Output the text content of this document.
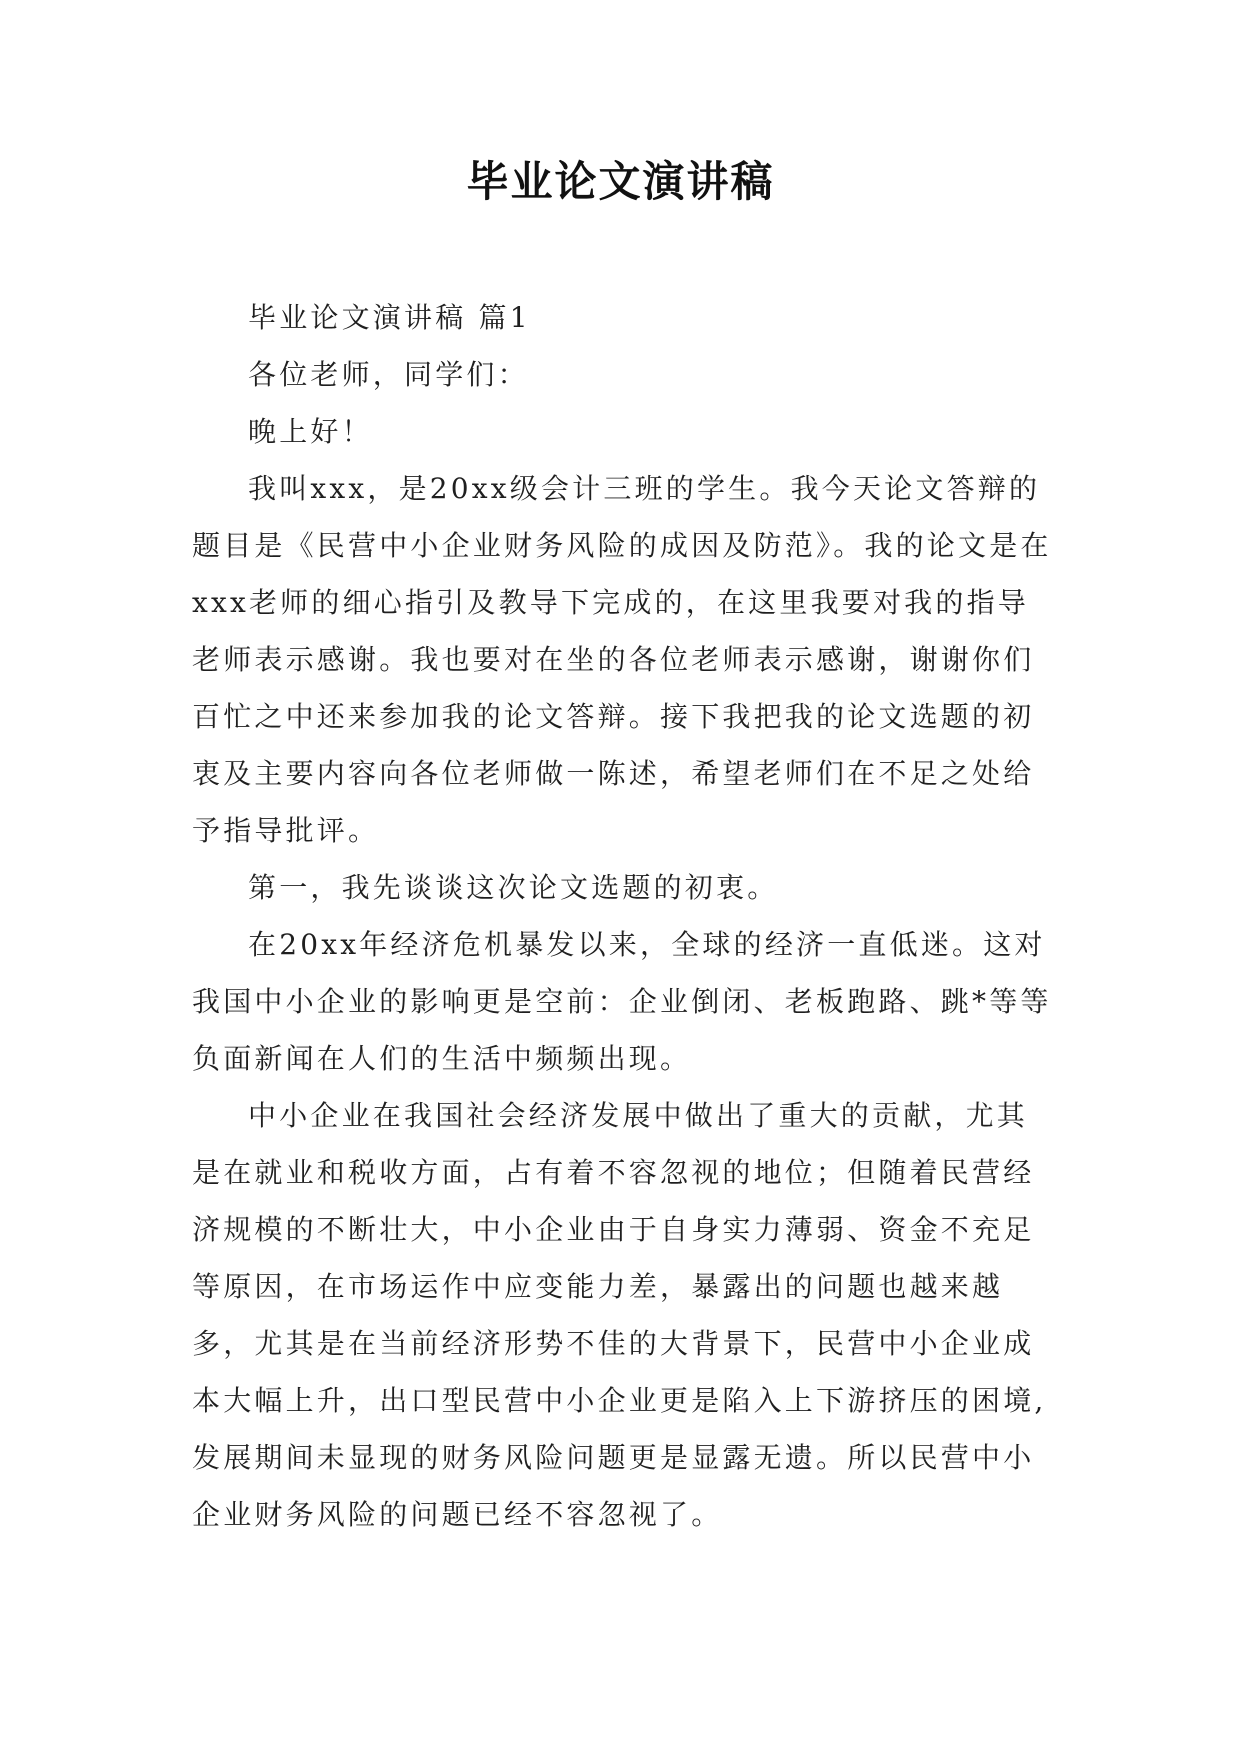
毕业论文演讲稿

毕业论文演讲稿 篇1

各位老师，同学们：

晚上好！

我叫xxx，是20xx级会计三班的学生。我今天论文答辩的题目是《民营中小企业财务风险的成因及防范》。我的论文是在xxx老师的细心指引及教导下完成的，在这里我要对我的指导老师表示感谢。我也要对在坐的各位老师表示感谢，谢谢你们百忙之中还来参加我的论文答辩。接下我把我的论文选题的初衷及主要内容向各位老师做一陈述，希望老师们在不足之处给予指导批评。

第一，我先谈谈这次论文选题的初衷。

在20xx年经济危机暴发以来，全球的经济一直低迷。这对我国中小企业的影响更是空前：企业倒闭、老板跑路、跳*等等负面新闻在人们的生活中频频出现。

中小企业在我国社会经济发展中做出了重大的贡献，尤其是在就业和税收方面，占有着不容忽视的地位；但随着民营经济规模的不断壮大，中小企业由于自身实力薄弱、资金不充足等原因，在市场运作中应变能力差，暴露出的问题也越来越多，尤其是在当前经济形势不佳的大背景下，民营中小企业成本大幅上升，出口型民营中小企业更是陷入上下游挤压的困境,发展期间未显现的财务风险问题更是显露无遗。所以民营中小企业财务风险的问题已经不容忽视了。
